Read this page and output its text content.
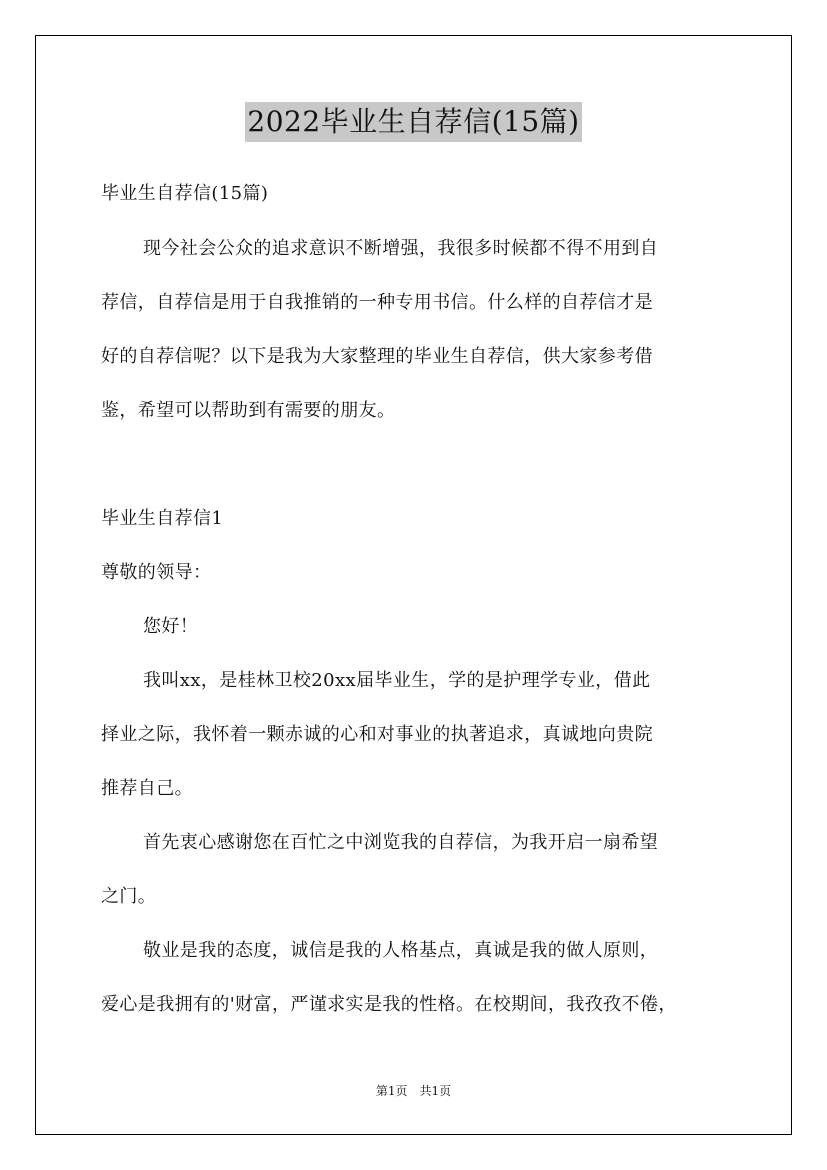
2022毕业生自荐信(15篇)
毕业生自荐信(15篇)
现今社会公众的追求意识不断增强，我很多时候都不得不用到自
荐信，自荐信是用于自我推销的一种专用书信。什么样的自荐信才是
好的自荐信呢？以下是我为大家整理的毕业生自荐信，供大家参考借
鉴，希望可以帮助到有需要的朋友。
毕业生自荐信1
尊敬的领导：
您好！
我叫xx，是桂林卫校20xx届毕业生，学的是护理学专业，借此
择业之际，我怀着一颗赤诚的心和对事业的执著追求，真诚地向贵院
推荐自己。
首先衷心感谢您在百忙之中浏览我的自荐信，为我开启一扇希望
之门。
敬业是我的态度，诚信是我的人格基点，真诚是我的做人原则，
爱心是我拥有的'财富，严谨求实是我的性格。在校期间，我孜孜不倦，
第1页　共1页
